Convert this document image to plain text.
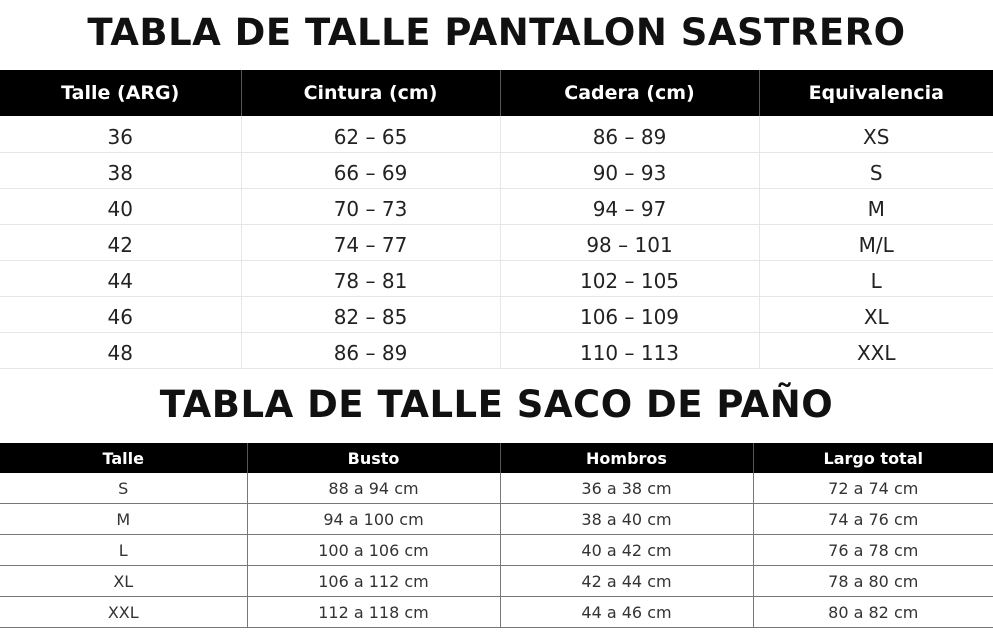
TABLA DE TALLE PANTALON SASTRERO
Talle (ARG)	Cintura (cm)	Cadera (cm)	Equivalencia
36	62 – 65	86 – 89	XS
38	66 – 69	90 – 93	S
40	70 – 73	94 – 97	M
42	74 – 77	98 – 101	M/L
44	78 – 81	102 – 105	L
46	82 – 85	106 – 109	XL
48	86 – 89	110 – 113	XXL
TABLA DE TALLE SACO DE PAÑO
Talle	Busto	Hombros	Largo total
S	88 a 94 cm	36 a 38 cm	72 a 74 cm
M	94 a 100 cm	38 a 40 cm	74 a 76 cm
L	100 a 106 cm	40 a 42 cm	76 a 78 cm
XL	106 a 112 cm	42 a 44 cm	78 a 80 cm
XXL	112 a 118 cm	44 a 46 cm	80 a 82 cm
